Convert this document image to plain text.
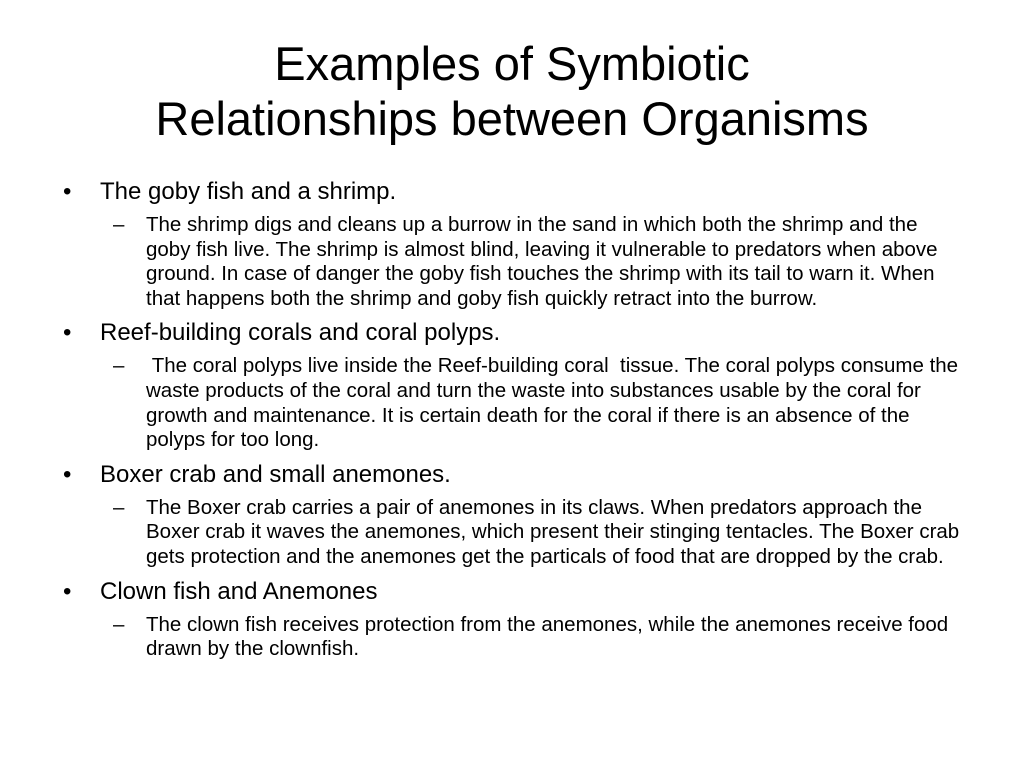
Examples of Symbiotic
Relationships between Organisms
• The goby fish and a shrimp.
– The shrimp digs and cleans up a burrow in the sand in which both the shrimp and the goby fish live. The shrimp is almost blind, leaving it vulnerable to predators when above ground. In case of danger the goby fish touches the shrimp with its tail to warn it. When that happens both the shrimp and goby fish quickly retract into the burrow.
• Reef-building corals and coral polyps.
– The coral polyps live inside the Reef-building coral  tissue. The coral polyps consume the waste products of the coral and turn the waste into substances usable by the coral for growth and maintenance. It is certain death for the coral if there is an absence of the polyps for too long.
• Boxer crab and small anemones.
– The Boxer crab carries a pair of anemones in its claws. When predators approach the Boxer crab it waves the anemones, which present their stinging tentacles. The Boxer crab gets protection and the anemones get the particals of food that are dropped by the crab.
• Clown fish and Anemones
– The clown fish receives protection from the anemones, while the anemones receive food drawn by the clownfish.
